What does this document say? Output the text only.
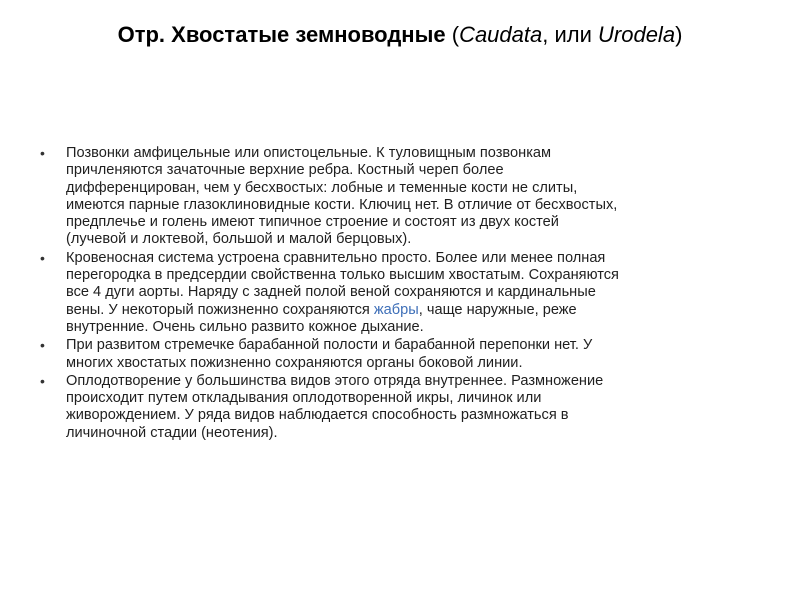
Отр. Хвостатые земноводные (Caudata, или Urodela)
• Позвонки амфицельные или опистоцельные. К туловищным позвонкам
причленяются зачаточные верхние ребра. Костный череп более
дифференцирован, чем у бесхвостых: лобные и теменные кости не слиты,
имеются парные глазоклиновидные кости. Ключиц нет. В отличие от бесхвостых,
предплечье и голень имеют типичное строение и состоят из двух костей
(лучевой и локтевой, большой и малой берцовых).
• Кровеносная система устроена сравнительно просто. Более или менее полная
перегородка в предсердии свойственна только высшим хвостатым. Сохраняются
все 4 дуги аорты. Наряду с задней полой веной сохраняются и кардинальные
вены. У некоторый пожизненно сохраняются жабры, чаще наружные, реже
внутренние. Очень сильно развито кожное дыхание.
• При развитом стремечке барабанной полости и барабанной перепонки нет. У
многих хвостатых пожизненно сохраняются органы боковой линии.
• Оплодотворение у большинства видов этого отряда внутреннее. Размножение
происходит путем откладывания оплодотворенной икры, личинок или
живорождением. У ряда видов наблюдается способность размножаться в
личиночной стадии (неотения).
